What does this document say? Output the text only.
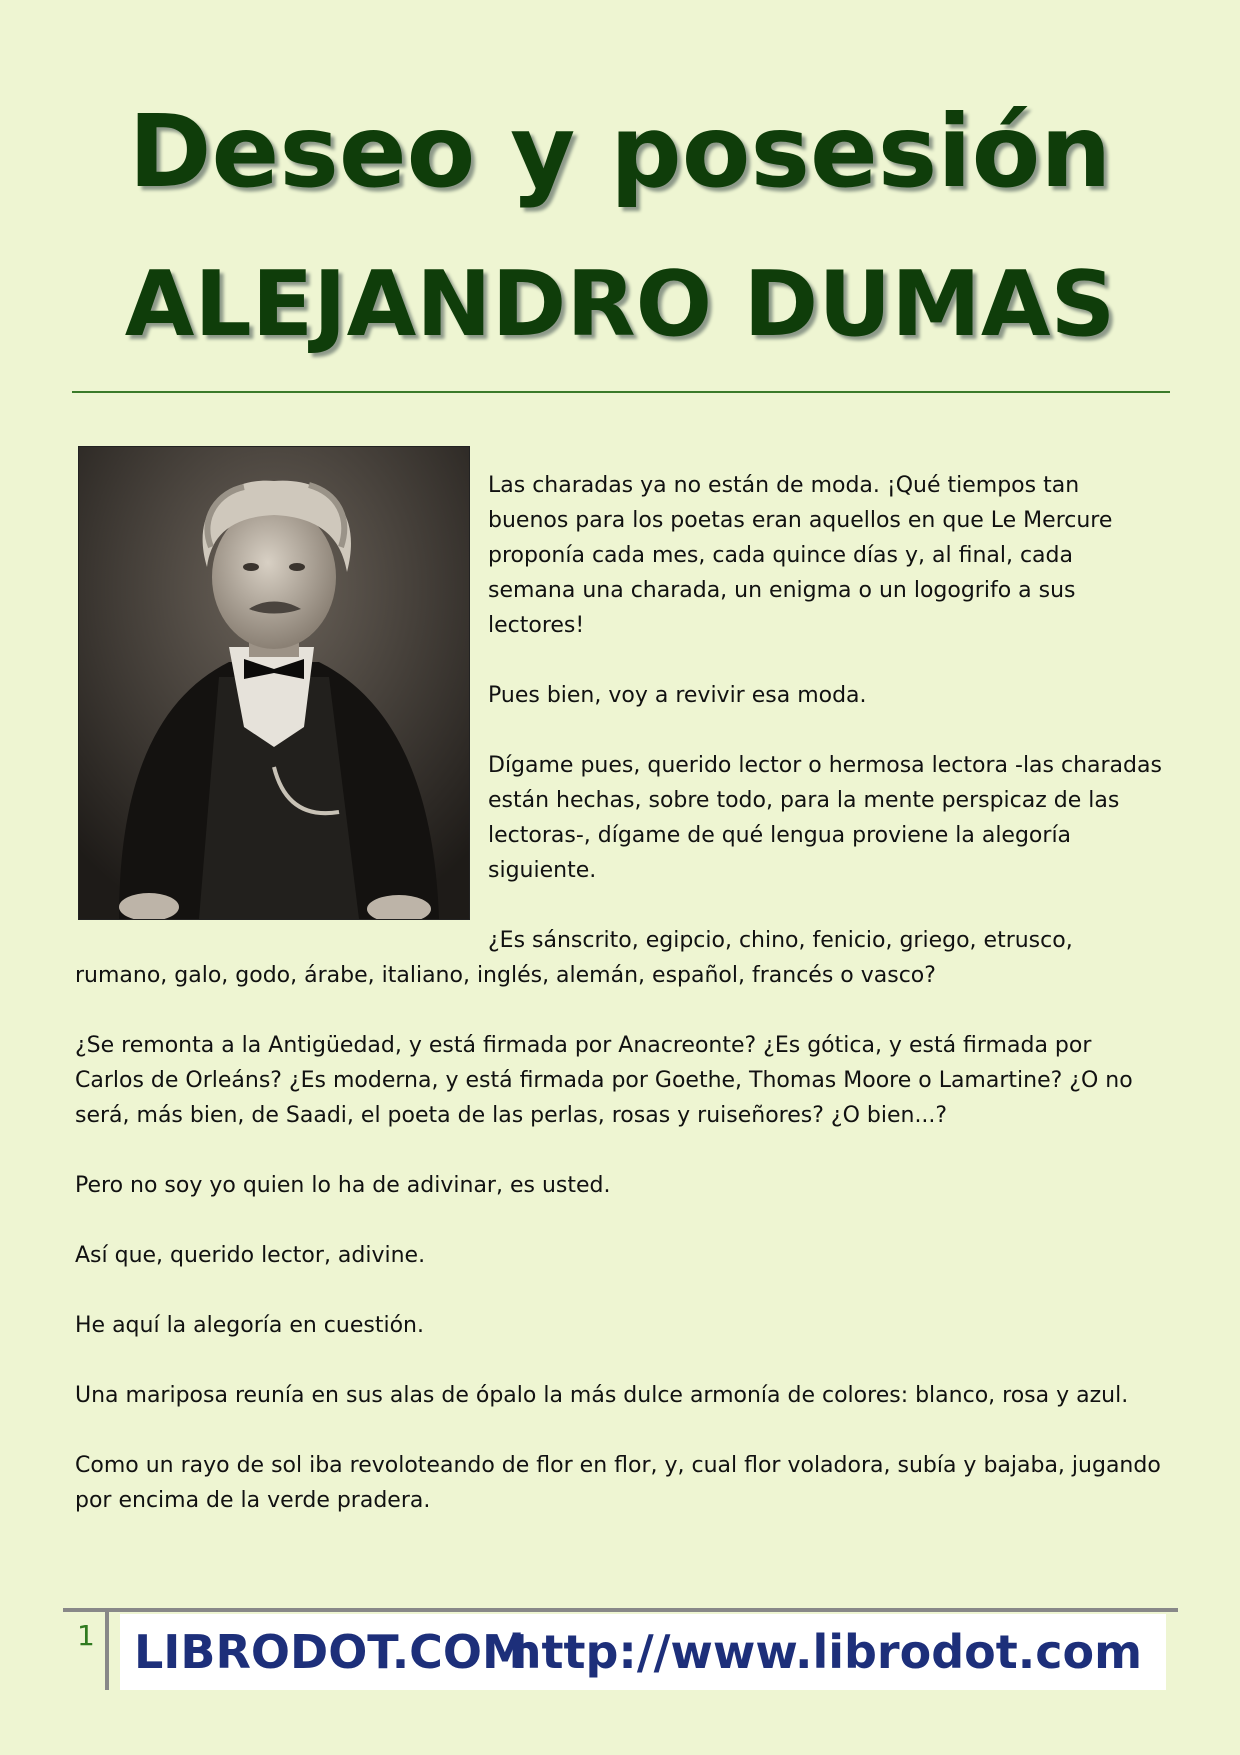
Deseo y posesión
ALEJANDRO DUMAS

Las charadas ya no están de moda. ¡Qué tiempos tan buenos para los poetas eran aquellos en que Le Mercure proponía cada mes, cada quince días y, al final, cada semana una charada, un enigma o un logogrifo a sus lectores!

Pues bien, voy a revivir esa moda.

Dígame pues, querido lector o hermosa lectora -las charadas están hechas, sobre todo, para la mente perspicaz de las lectoras-, dígame de qué lengua proviene la alegoría siguiente.

¿Es sánscrito, egipcio, chino, fenicio, griego, etrusco, rumano, galo, godo, árabe, italiano, inglés, alemán, español, francés o vasco?

¿Se remonta a la Antigüedad, y está firmada por Anacreonte? ¿Es gótica, y está firmada por Carlos de Orleáns? ¿Es moderna, y está firmada por Goethe, Thomas Moore o Lamartine? ¿O no será, más bien, de Saadi, el poeta de las perlas, rosas y ruiseñores? ¿O bien...?

Pero no soy yo quien lo ha de adivinar, es usted.

Así que, querido lector, adivine.

He aquí la alegoría en cuestión.

Una mariposa reunía en sus alas de ópalo la más dulce armonía de colores: blanco, rosa y azul.

Como un rayo de sol iba revoloteando de flor en flor, y, cual flor voladora, subía y bajaba, jugando por encima de la verde pradera.

1 LIBRODOT.COM
http://www.librodot.com
